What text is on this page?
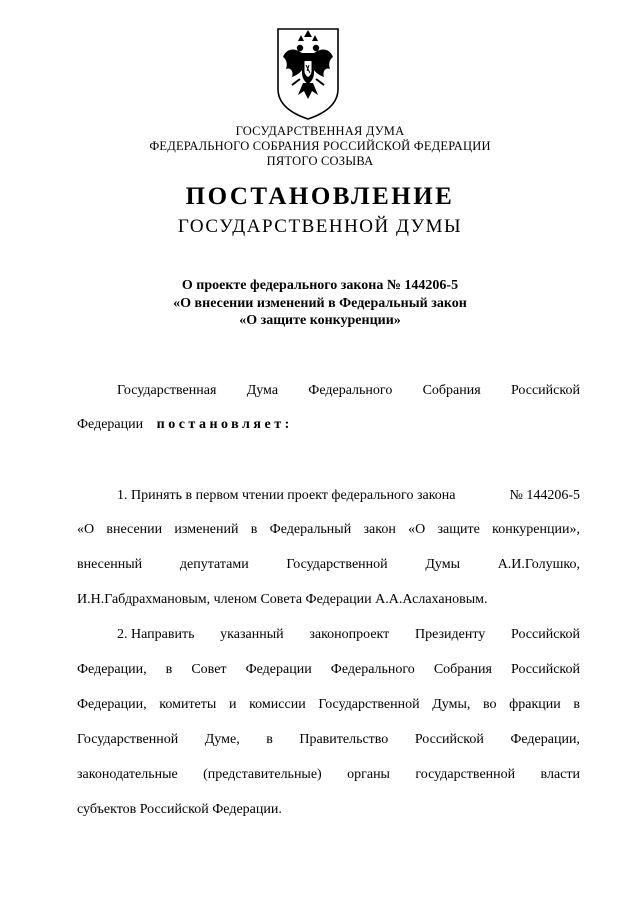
ГОСУДАРСТВЕННАЯ ДУМА
ФЕДЕРАЛЬНОГО СОБРАНИЯ РОССИЙСКОЙ ФЕДЕРАЦИИ
ПЯТОГО СОЗЫВА
ПОСТАНОВЛЕНИЕ
ГОСУДАРСТВЕННОЙ ДУМЫ
О проекте федерального закона № 144206-5
«О внесении изменений в Федеральный закон
«О защите конкуренции»
Государственная Дума Федерального Собрания Российской
Федерации постановляет:
1. Принять в первом чтении проект федерального закона	№ 144206-5
«О внесении изменений в Федеральный закон «О защите конкуренции»,
внесенный	депутатами	Государственной	Думы	А.И.Голушко,
И.Н.Габдрахмановым, членом Совета Федерации А.А.Аслахановым.
2. Направить указанный законопроект Президенту Российской
Федерации, в Совет Федерации Федерального Собрания Российской
Федерации, комитеты и комиссии Государственной Думы, во фракции в
Государственной Думе, в Правительство Российской Федерации,
законодательные (представительные) органы государственной власти
субъектов Российской Федерации.
